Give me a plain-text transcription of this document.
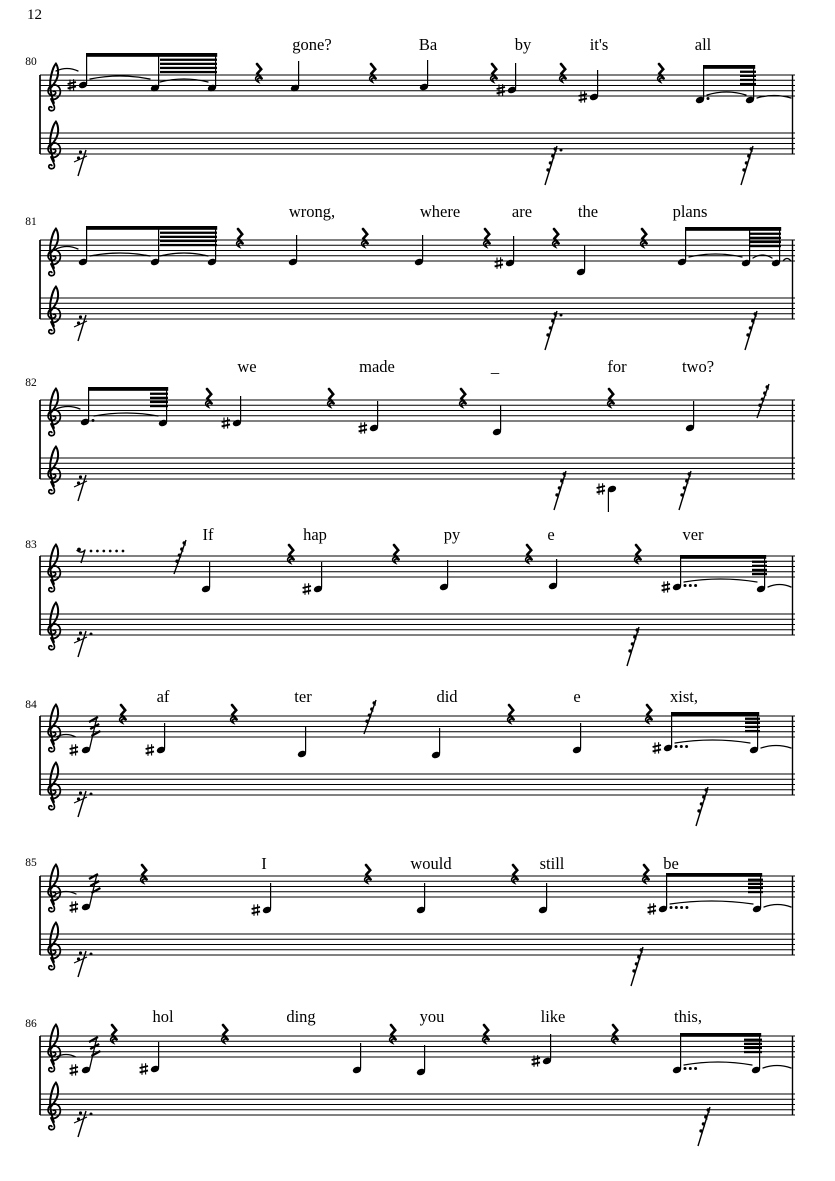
12
80
gone?	Ba	by	it's	all
81
wrong,	where	are	the	plans
82
we	made	_	for	two?
83
If	hap	py	e	ver
84	af	ter	did	e	xist,
85	I	would	still	be
86	hol	ding	you	like	this,
